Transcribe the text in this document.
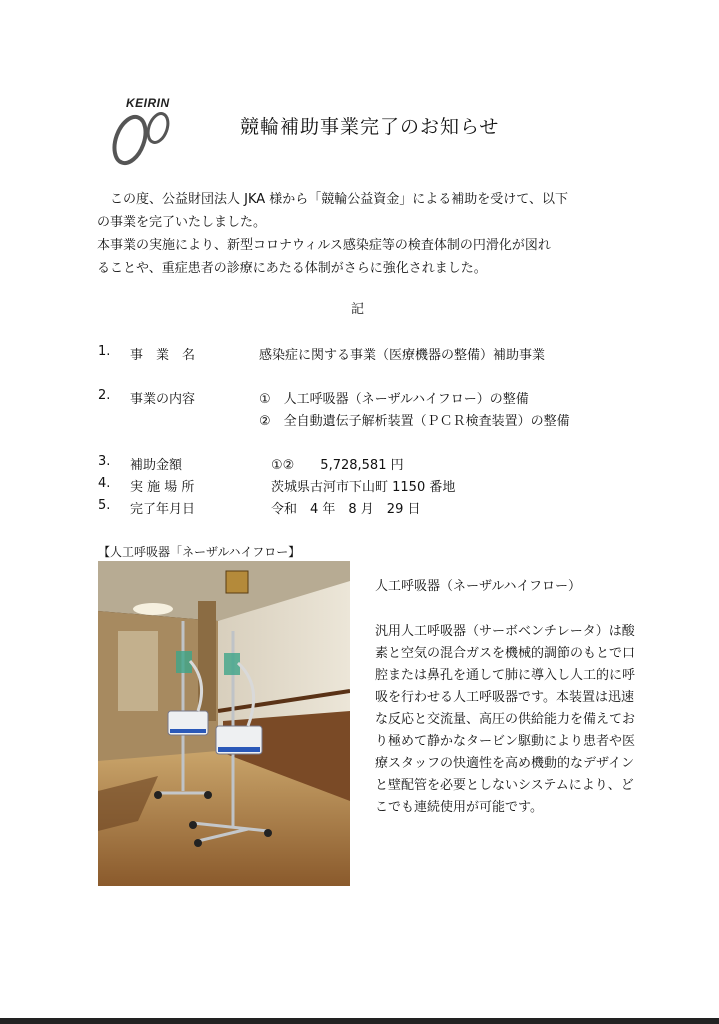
KEIRIN
競輪補助事業完了のお知らせ

　この度、公益財団法人 JKA 様から「競輪公益資金」による補助を受けて、以下

の事業を完了いたしました。

本事業の実施により、新型コロナウィルス感染症等の検査体制の円滑化が図れ

ることや、重症患者の診療にあたる体制がさらに強化されました。

記
1. 事　業　名	感染症に関する事業（医療機器の整備）補助事業
2. 事業の内容	①　人工呼吸器（ネーザルハイフロー）の整備
②　全自動遺伝子解析装置（ＰＣＲ検査装置）の整備
3. 補助金額	①②　　5,728,581 円
4. 実 施 場 所	茨城県古河市下山町 1150 番地
5. 完了年月日	令和　4 年　8 月　29 日
【人工呼吸器「ネーザルハイフロー】
人工呼吸器（ネーザルハイフロー）
汎用人工呼吸器（サーボベンチレータ）は酸
素と空気の混合ガスを機械的調節のもとで口
腔または鼻孔を通して肺に導入し人工的に呼
吸を行わせる人工呼吸器です。本装置は迅速
な反応と交流量、高圧の供給能力を備えてお
り極めて静かなタービン駆動により患者や医
療スタッフの快適性を高め機動的なデザイン
と壁配管を必要としないシステムにより、ど
こでも連続使用が可能です。
